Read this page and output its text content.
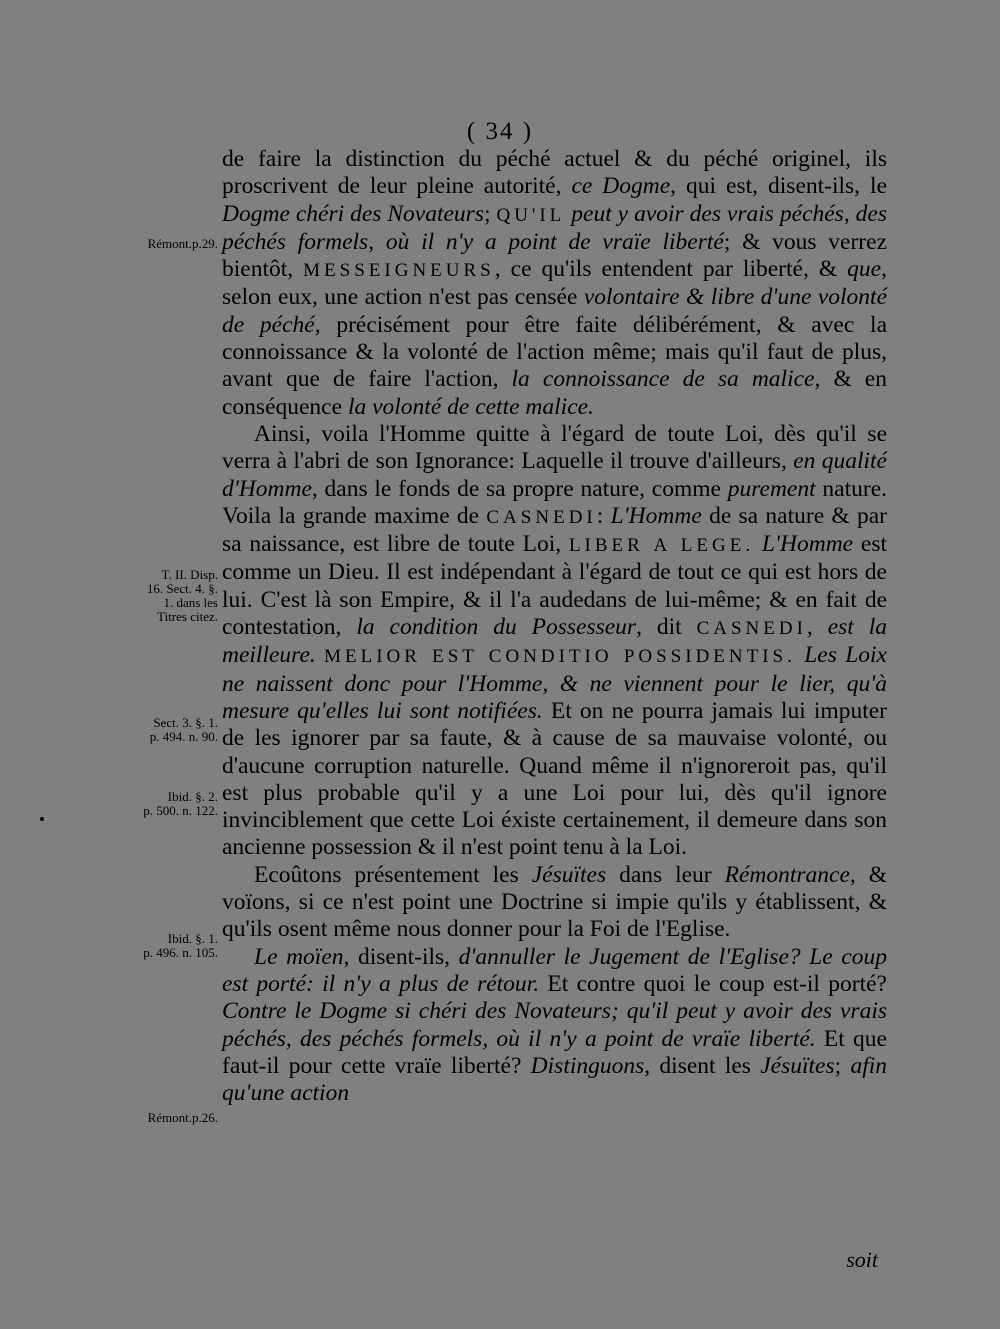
( 34 )

de faire la distinction du péché actuel & du péché originel, ils proscrivent de leur pleine autorité, ce Dogme, qui est, disent-ils, le Dogme chéri des Novateurs; QU'IL peut y avoir des vrais péchés, des péchés formels, où il n'y a point de vraïe liberté; & vous verrez bientôt, MESSEIGNEURS, ce qu'ils entendent par liberté, & que, selon eux, une action n'est pas censée volontaire & libre d'une volonté de péché, précisément pour être faite délibérément, & avec la connoissance & la volonté de l'action même; mais qu'il faut de plus, avant que de faire l'action, la connoissance de sa malice, & en conséquence la volonté de cette malice.

Ainsi, voila l'Homme quitte à l'égard de toute Loi, dès qu'il se verra à l'abri de son Ignorance: Laquelle il trouve d'ailleurs, en qualité d'Homme, dans le fonds de sa propre nature, comme purement nature. Voila la grande maxime de CASNEDI: L'Homme de sa nature & par sa naissance, est libre de toute Loi, LIBER A LEGE. L'Homme est comme un Dieu. Il est indépendant à l'égard de tout ce qui est hors de lui. C'est là son Empire, & il l'a audedans de lui-même; & en fait de contestation, la condition du Possesseur, dit CASNEDI, est la meilleure. MELIOR EST CONDITIO POSSIDENTIS. Les Loix ne naissent donc pour l'Homme, & ne viennent pour le lier, qu'à mesure qu'elles lui sont notifiées. Et on ne pourra jamais lui imputer de les ignorer par sa faute, & à cause de sa mauvaise volonté, ou d'aucune corruption naturelle. Quand même il n'ignoreroit pas, qu'il est plus probable qu'il y a une Loi pour lui, dès qu'il ignore invinciblement que cette Loi éxiste certainement, il demeure dans son ancienne possession & il n'est point tenu à la Loi.

Ecoûtons présentement les Jésuïtes dans leur Rémontrance, & voïons, si ce n'est point une Doctrine si impie qu'ils y établissent, & qu'ils osent même nous donner pour la Foi de l'Eglise.

Le moïen, disent-ils, d'annuller le Jugement de l'Eglise? Le coup est porté: il n'y a plus de rétour. Et contre quoi le coup est-il porté? Contre le Dogme si chéri des Novateurs; qu'il peut y avoir des vrais péchés, des péchés formels, où il n'y a point de vraïe liberté. Et que faut-il pour cette vraïe liberté? Distinguons, disent les Jésuïtes; afin qu'une action

soit
Rémont.p.29.
T. II. Disp.
16. Sect. 4. §.
1. dans les
Titres citez.
Sect. 3. §. 1.
p. 494. n. 90.
Ibid. §. 2.
p. 500. n. 122.
Ibid. §. 1.
p. 496. n. 105.
Rémont.p.26.
